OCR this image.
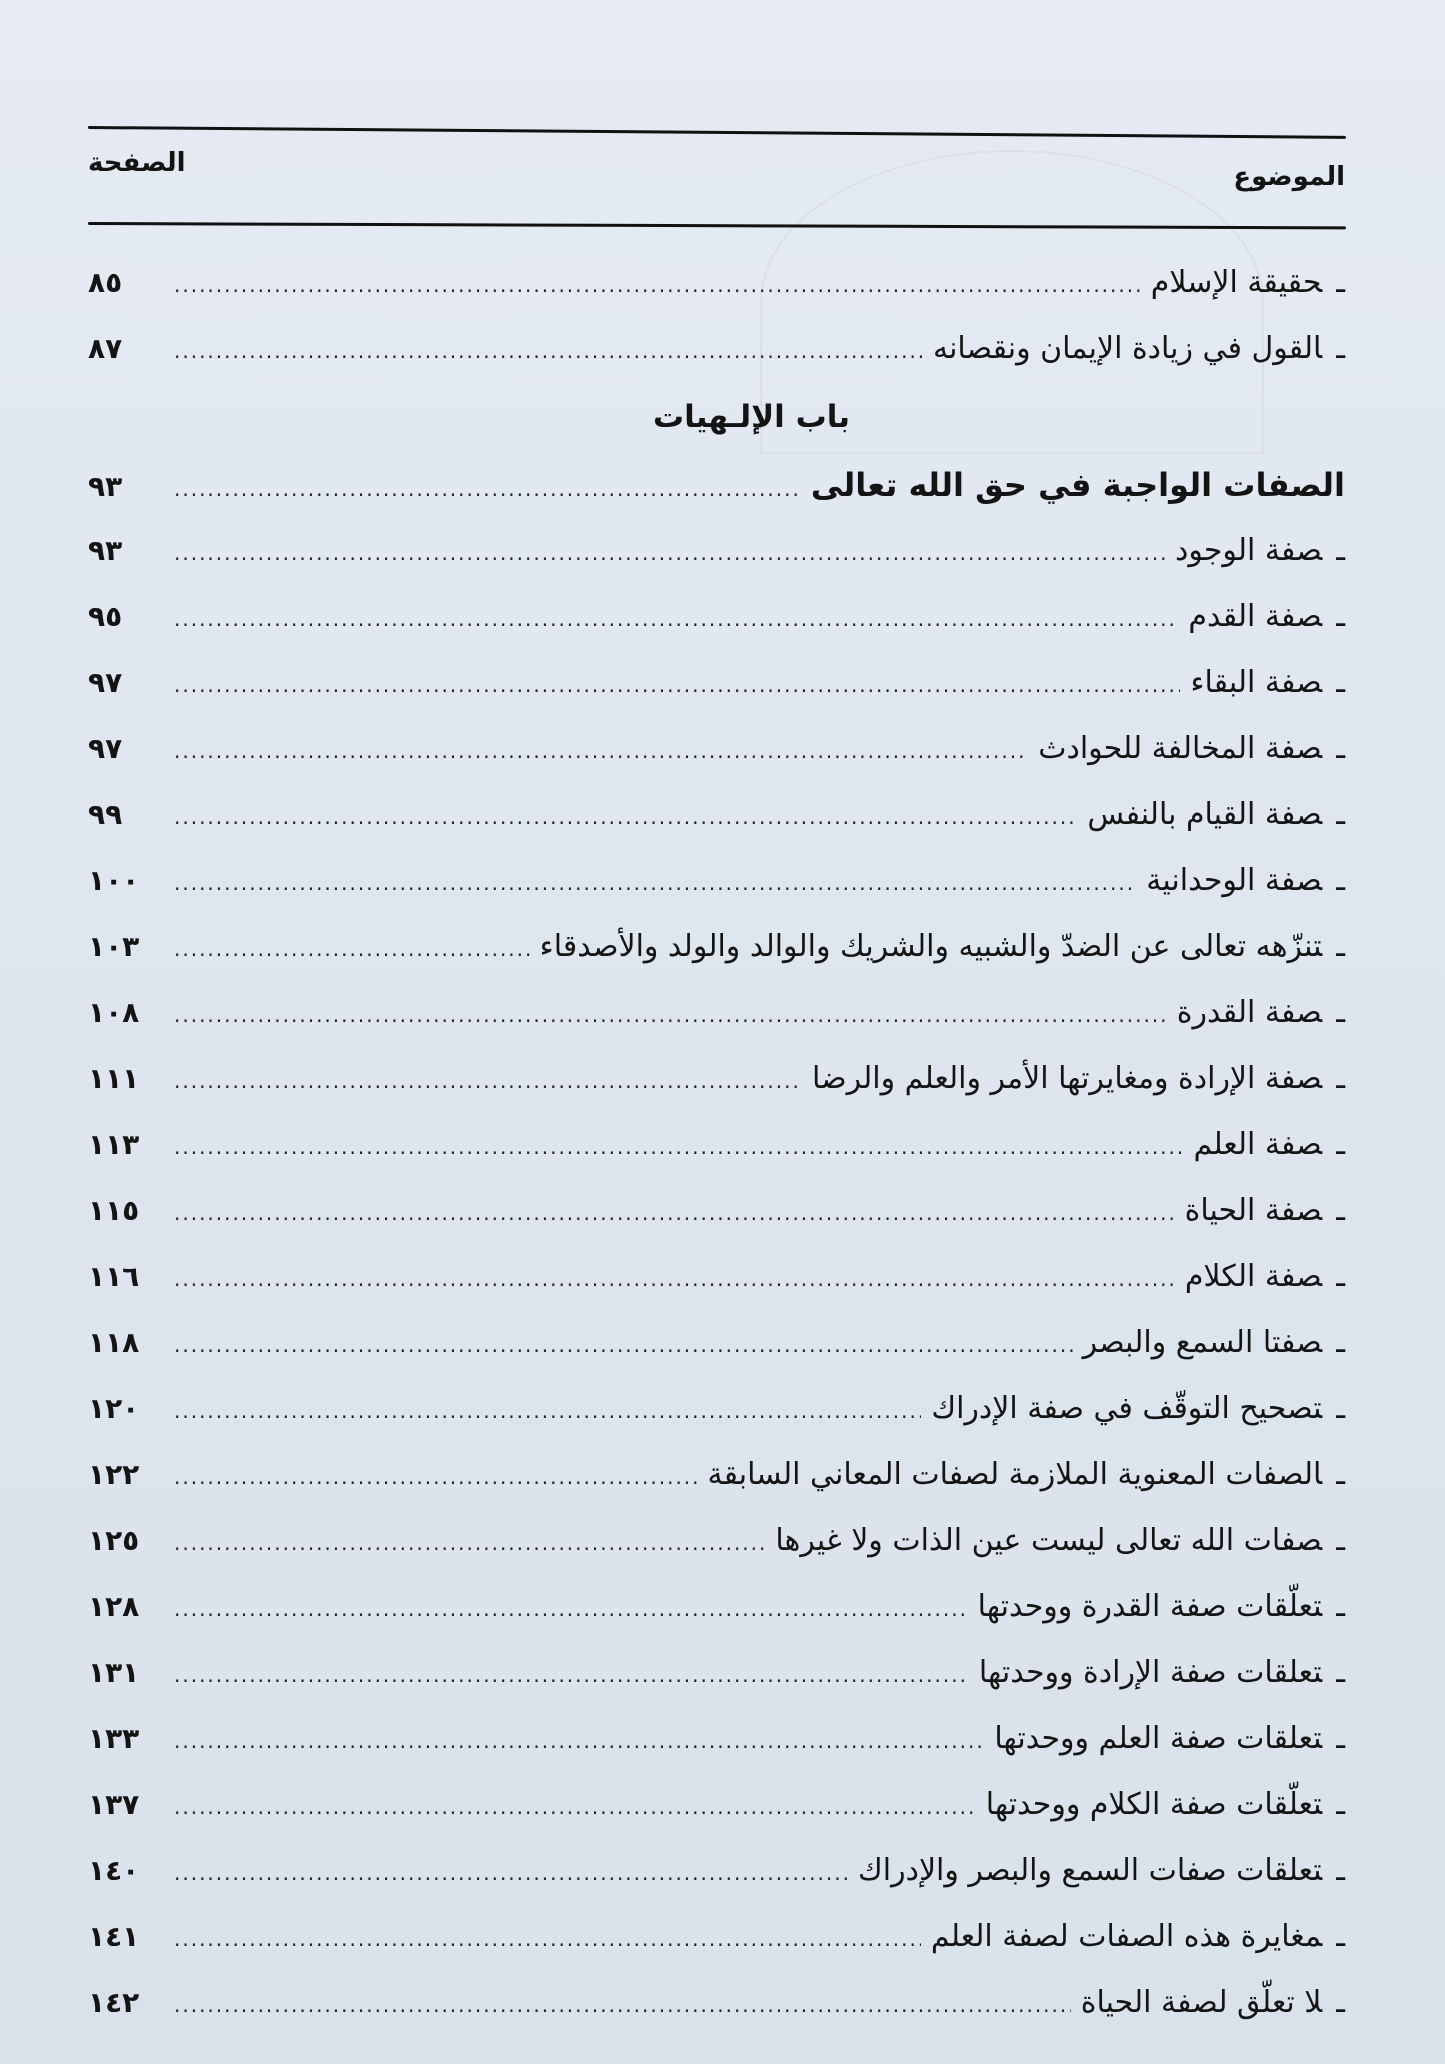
الموضوع
الصفحة
ـحقيقة الإسلام
.....
٨٥
ـالقول في زيادة الإيمان ونقصانه
.....
٨٧
باب الإلـهيات
الصفات الواجبة في حق الله تعالى
.....
٩٣
ـصفة الوجود
.....
٩٣
ـصفة القدم
.....
٩٥
ـصفة البقاء
.....
٩٧
ـصفة المخالفة للحوادث
.....
٩٧
ـصفة القيام بالنفس
.....
٩٩
ـصفة الوحدانية
.....
١٠٠
ـتنزّهه تعالى عن الضدّ والشبيه والشريك والوالد والولد والأصدقاء
.....
١٠٣
ـصفة القدرة
.....
١٠٨
ـصفة الإرادة ومغايرتها الأمر والعلم والرضا
.....
١١١
ـصفة العلم
.....
١١٣
ـصفة الحياة
.....
١١٥
ـصفة الكلام
.....
١١٦
ـصفتا السمع والبصر
.....
١١٨
ـتصحيح التوقّف في صفة الإدراك
.....
١٢٠
ـالصفات المعنوية الملازمة لصفات المعاني السابقة
.....
١٢٢
ـصفات الله تعالى ليست عين الذات ولا غيرها
.....
١٢٥
ـتعلّقات صفة القدرة ووحدتها
.....
١٢٨
ـتعلقات صفة الإرادة ووحدتها
.....
١٣١
ـتعلقات صفة العلم ووحدتها
.....
١٣٣
ـتعلّقات صفة الكلام ووحدتها
.....
١٣٧
ـتعلقات صفات السمع والبصر والإدراك
.....
١٤٠
ـمغايرة هذه الصفات لصفة العلم
.....
١٤١
ـلا تعلّق لصفة الحياة
.....
١٤٢
